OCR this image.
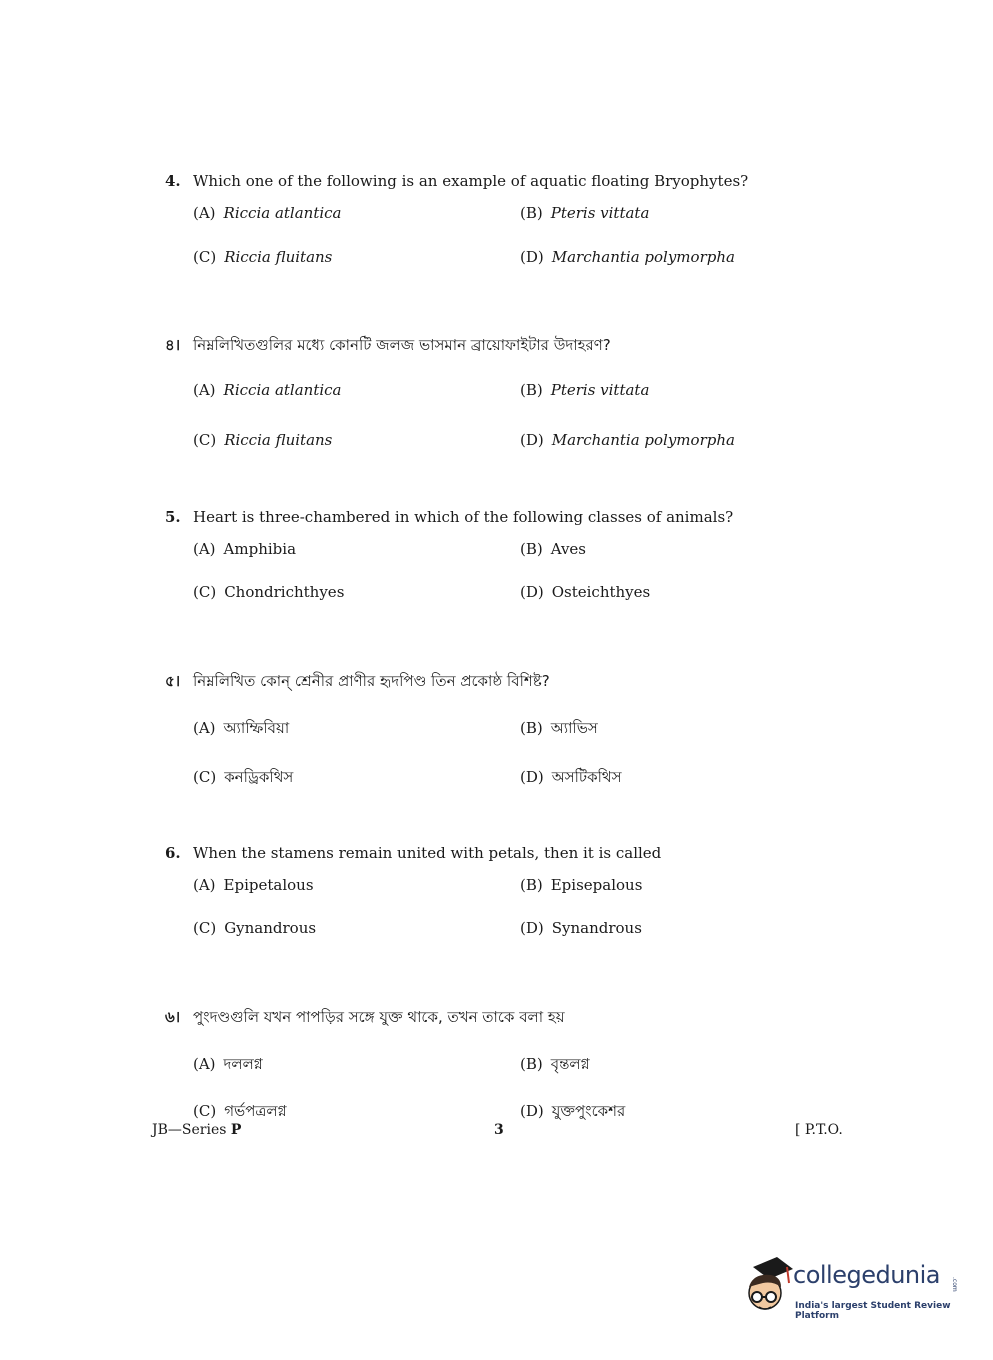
4. Which one of the following is an example of aquatic floating Bryophytes?
(A) Riccia atlantica	(B) Pteris vittata
(C) Riccia fluitans	(D) Marchantia polymorpha
৪। নিম্নলিখিতগুলির মধ্যে কোনটি জলজ ভাসমান ব্রায়োফাইটার উদাহরণ?
(A) Riccia atlantica	(B) Pteris vittata
(C) Riccia fluitans	(D) Marchantia polymorpha
5. Heart is three-chambered in which of the following classes of animals?
(A) Amphibia	(B) Aves
(C) Chondrichthyes	(D) Osteichthyes
৫। নিম্নলিখিত কোন্‌ শ্রেনীর প্রাণীর হৃদপিণ্ড তিন প্রকোষ্ঠ বিশিষ্ট?
(A) অ্যাম্ফিবিয়া	(B) অ্যাভিস
(C) কনড্রিকথিস	(D) অসটিকথিস
6. When the stamens remain united with petals, then it is called
(A) Epipetalous	(B) Episepalous
(C) Gynandrous	(D) Synandrous
৬। পুংদণ্ডগুলি যখন পাপড়ির সঙ্গে যুক্ত থাকে, তখন তাকে বলা হয়
(A) দললগ্ন	(B) বৃন্তলগ্ন
(C) গর্ভপত্রলগ্ন	(D) যুক্তপুংকেশর
JB—Series P	3	[ P.T.O.
collegedunia .com
India's largest Student Review Platform
